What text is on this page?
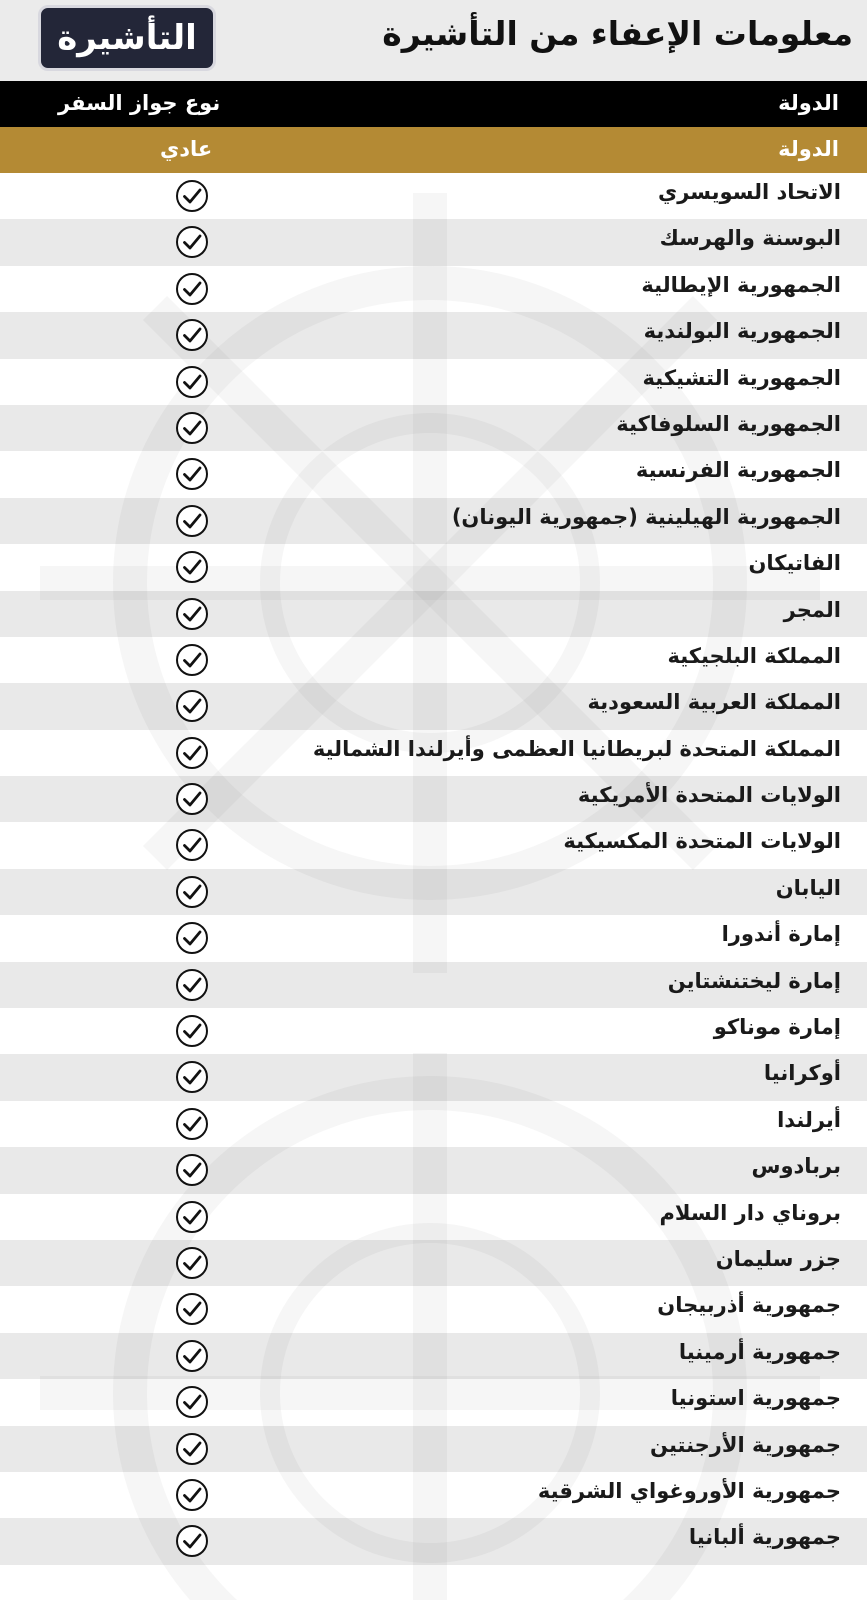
معلومات الإعفاء من التأشيرة
التأشيرة
الدولة
نوع جواز السفر
الدولة
عادي
الاتحاد السويسري
البوسنة والهرسك
الجمهورية الإيطالية
الجمهورية البولندية
الجمهورية التشيكية
الجمهورية السلوفاكية
الجمهورية الفرنسية
الجمهورية الهيلينية (جمهورية اليونان)
الفاتيكان
المجر
المملكة البلجيكية
المملكة العربية السعودية
المملكة المتحدة لبريطانيا العظمى وأيرلندا الشمالية
الولايات المتحدة الأمريكية
الولايات المتحدة المكسيكية
اليابان
إمارة أندورا
إمارة ليختنشتاين
إمارة موناكو
أوكرانيا
أيرلندا
بربادوس
بروناي دار السلام
جزر سليمان
جمهورية أذربيجان
جمهورية أرمينيا
جمهورية استونيا
جمهورية الأرجنتين
جمهورية الأوروغواي الشرقية
جمهورية ألبانيا
